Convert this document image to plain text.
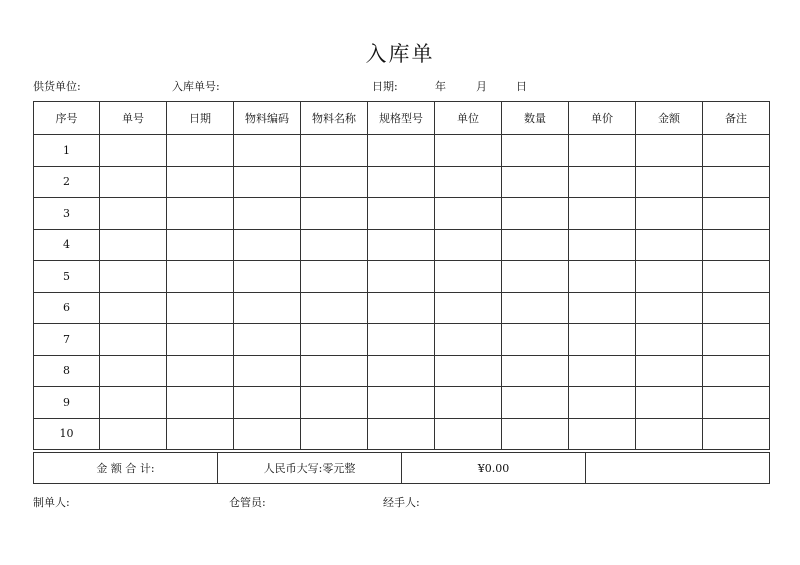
入库单
供货单位:	入库单号:	日期:	年	月	日
序号	单号	日期	物料编码	物料名称	规格型号	单位	数量	单价	金额	备注
1										
2										
3										
4										
5										
6										
7										
8										
9										
10										
金 额 合 计:	人民币大写:零元整	¥0.00	
制单人:	仓管员:	经手人:
